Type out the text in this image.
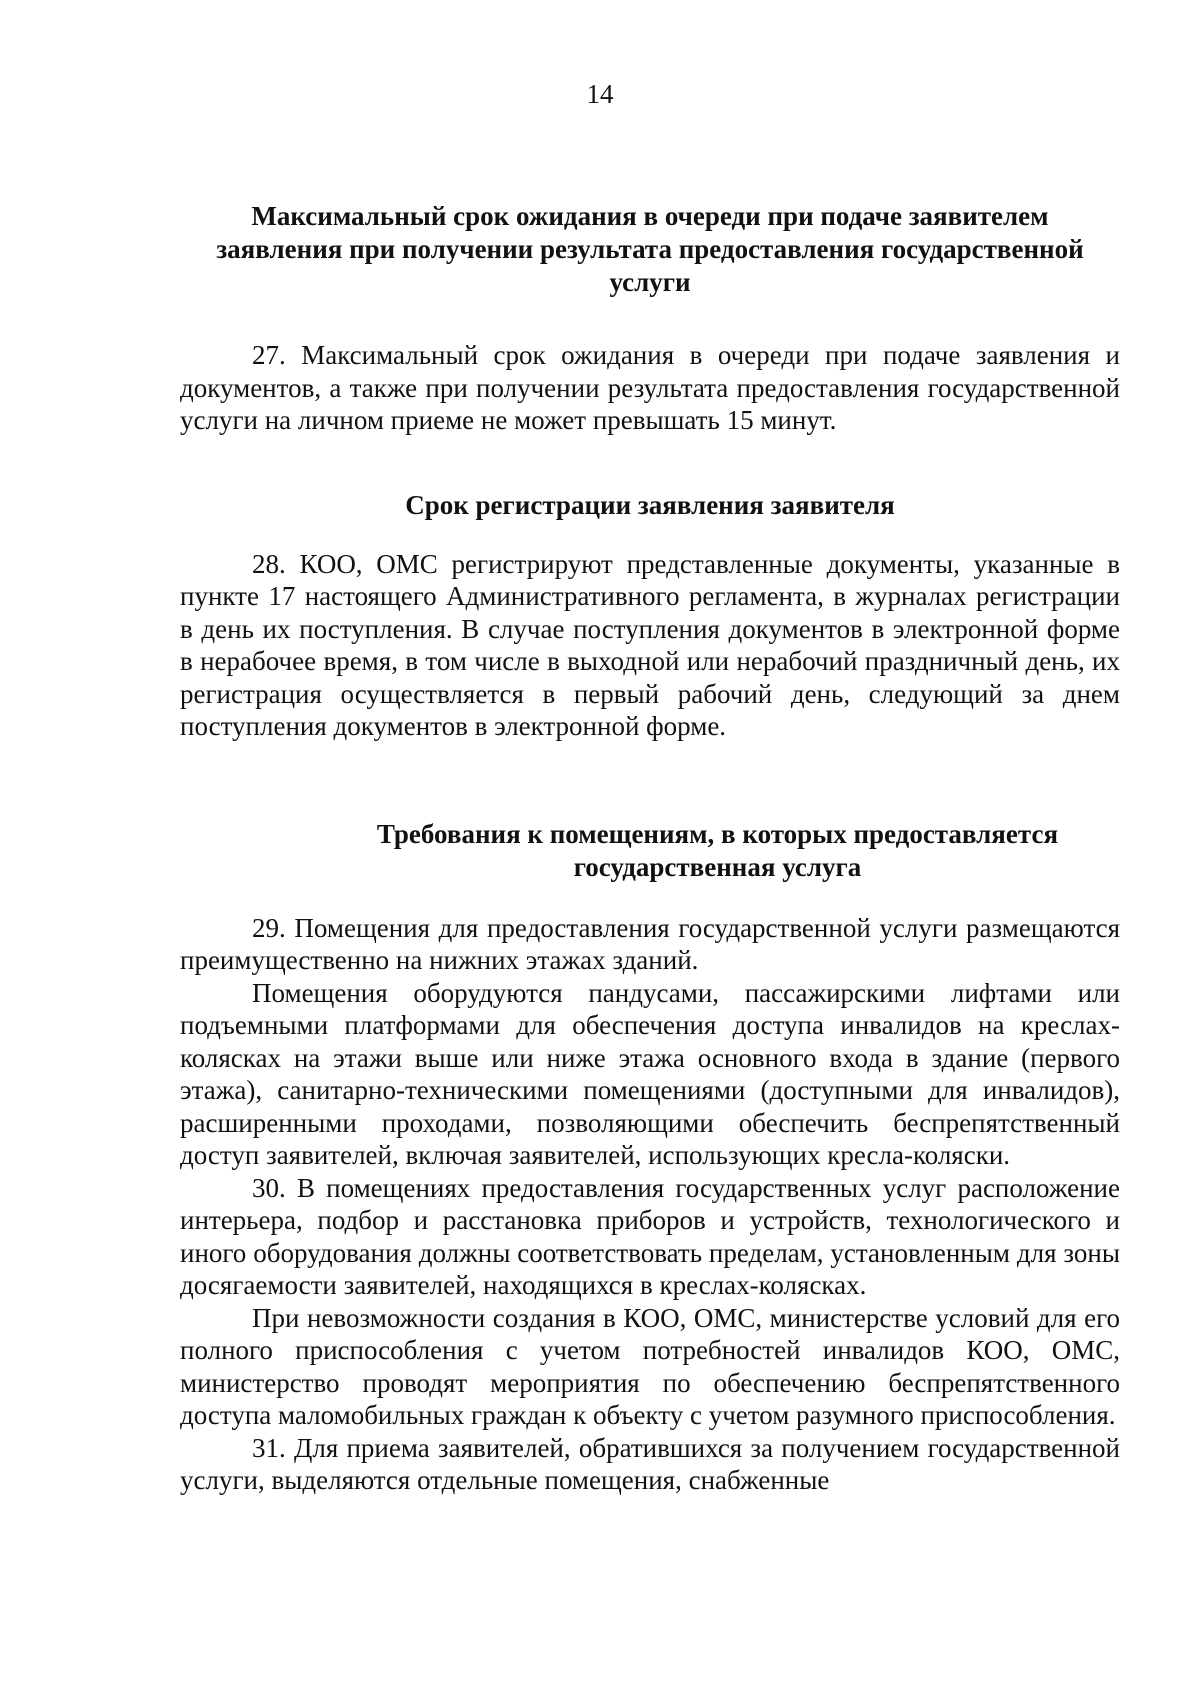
14
Максимальный срок ожидания в очереди при подаче заявителем
заявления при получении результата предоставления государственной
услуги

27. Максимальный срок ожидания в очереди при подаче заявления и документов, а также при получении результата предоставления государственной услуги на личном приеме не может превышать 15 минут.

Срок регистрации заявления заявителя

28. КОО, ОМС регистрируют представленные документы, указанные в пункте 17 настоящего Административного регламента, в журналах регистрации в день их поступления. В случае поступления документов в электронной форме в нерабочее время, в том числе в выходной или нерабочий праздничный день, их регистрация осуществляется в первый рабочий день, следующий за днем поступления документов в электронной форме.

Требования к помещениям, в которых предоставляется
государственная услуга

29. Помещения для предоставления государственной услуги размещаются преимущественно на нижних этажах зданий.

Помещения оборудуются пандусами, пассажирскими лифтами или подъемными платформами для обеспечения доступа инвалидов на креслах-колясках на этажи выше или ниже этажа основного входа в здание (первого этажа), санитарно-техническими помещениями (доступными для инвалидов), расширенными проходами, позволяющими обеспечить беспрепятственный доступ заявителей, включая заявителей, использующих кресла-коляски.

30. В помещениях предоставления государственных услуг расположение интерьера, подбор и расстановка приборов и устройств, технологического и иного оборудования должны соответствовать пределам, установленным для зоны досягаемости заявителей, находящихся в креслах-колясках.

При невозможности создания в КОО, ОМС, министерстве условий для его полного приспособления с учетом потребностей инвалидов КОО, ОМС, министерство проводят мероприятия по обеспечению беспрепятственного доступа маломобильных граждан к объекту с учетом разумного приспособления.

31. Для приема заявителей, обратившихся за получением государственной услуги, выделяются отдельные помещения, снабженные
